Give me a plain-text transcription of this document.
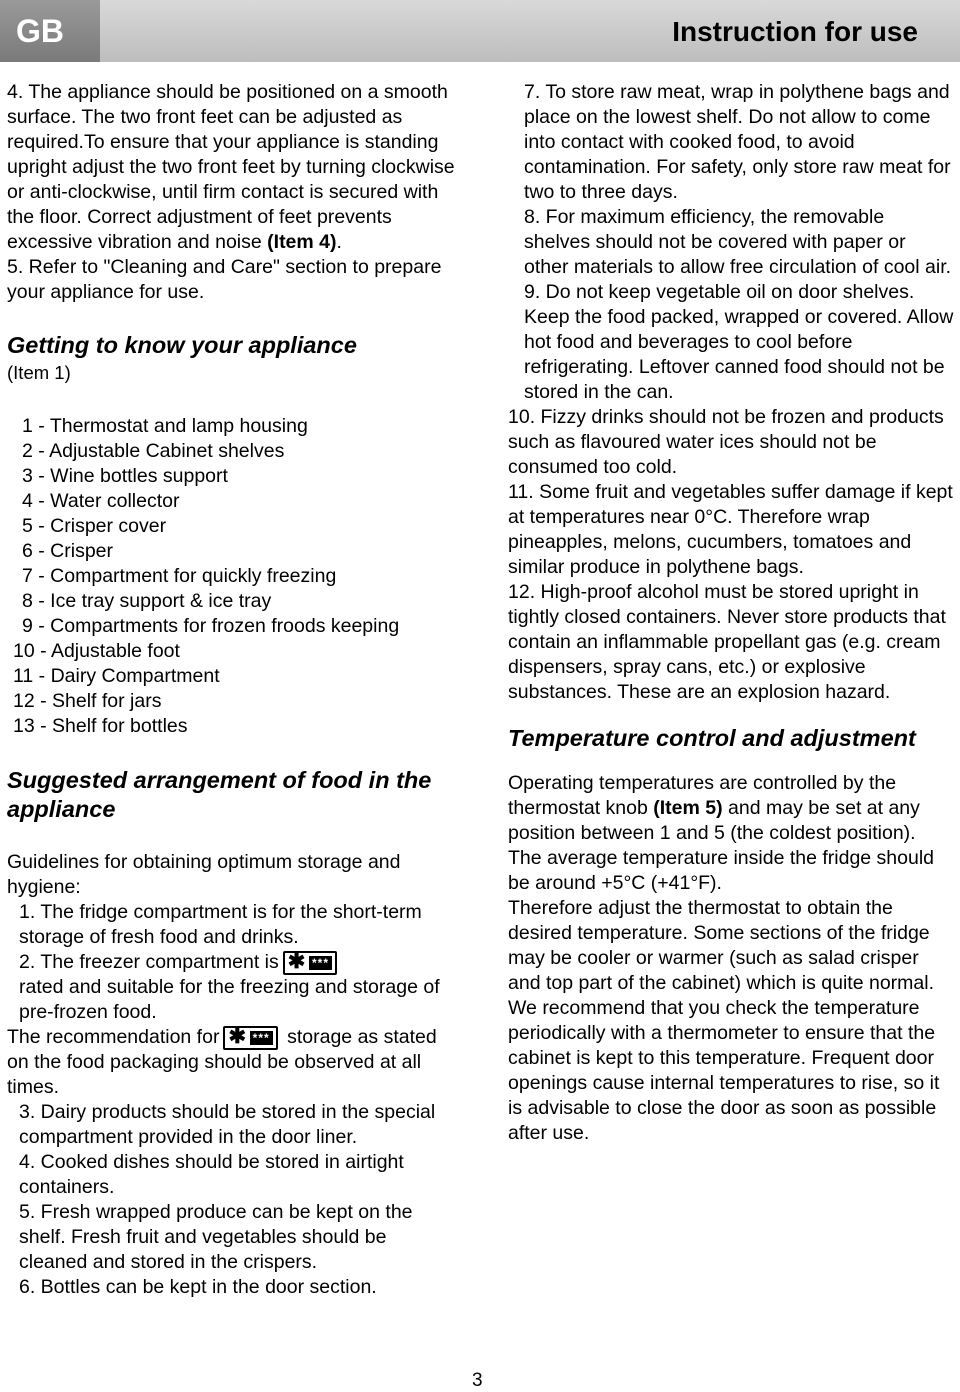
GB	Instruction for use

4. The appliance should be positioned on a smooth surface. The two front feet can be adjusted as required.To ensure that your appliance is standing upright adjust the two front feet by turning clockwise or anti-clockwise, until firm contact is secured with the floor. Correct adjustment of feet prevents excessive vibration and noise (Item 4).

5. Refer to "Cleaning and Care" section to prepare your appliance for use.

Getting to know your appliance

(Item 1)

1 - Thermostat and lamp housing
2 - Adjustable Cabinet shelves
3 - Wine bottles support
4 - Water collector
5 - Crisper cover
6 - Crisper
7 - Compartment for quickly freezing
8 - Ice tray support & ice tray
9 - Compartments for frozen froods keeping
10 - Adjustable foot
11 - Dairy Compartment
12 - Shelf for jars
13 - Shelf for bottles

Suggested arrangement of food in the appliance

Guidelines for obtaining optimum storage and hygiene:

1. The fridge compartment is for the short-term storage of fresh food and drinks.

2. The freezer compartment is ✱ ***
rated and suitable for the freezing and storage of pre-frozen food.

The recommendation for ✱ *** storage as stated on the food packaging should be observed at all times.

3. Dairy products should be stored in the special compartment provided in the door liner.

4. Cooked dishes should be stored in airtight containers.

5. Fresh wrapped produce can be kept on the shelf. Fresh fruit and vegetables should be cleaned and stored in the crispers.

6. Bottles can be kept in the door section.

7. To store raw meat, wrap in polythene bags and place on the lowest shelf. Do not allow to come into contact with cooked food, to avoid contamination. For safety, only store raw meat for two to three days.

8. For maximum efficiency, the removable shelves should not be covered with paper or other materials to allow free circulation of cool air.

9. Do not keep vegetable oil on door shelves. Keep the food packed, wrapped or covered. Allow hot food and beverages to cool before refrigerating. Leftover canned food should not be stored in the can.

10. Fizzy drinks should not be frozen and products such as flavoured water ices should not be consumed too cold.

11. Some fruit and vegetables suffer damage if kept at temperatures near 0°C. Therefore wrap pineapples, melons, cucumbers, tomatoes and similar produce in polythene bags.

12. High-proof alcohol must be stored upright in tightly closed containers. Never store products that contain an inflammable propellant gas (e.g. cream dispensers, spray cans, etc.) or explosive substances. These are an explosion hazard.

Temperature control and adjustment

Operating temperatures are controlled by the thermostat knob (Item 5) and may be set at any position between 1 and 5 (the coldest position).

The average temperature inside the fridge should be around +5°C (+41°F).

Therefore adjust the thermostat to obtain the desired temperature. Some sections of the fridge may be cooler or warmer (such as salad crisper and top part of the cabinet) which is quite normal. We recommend that you check the temperature periodically with a thermometer to ensure that the cabinet is kept to this temperature. Frequent door openings cause internal temperatures to rise, so it is advisable to close the door as soon as possible after use.

3
